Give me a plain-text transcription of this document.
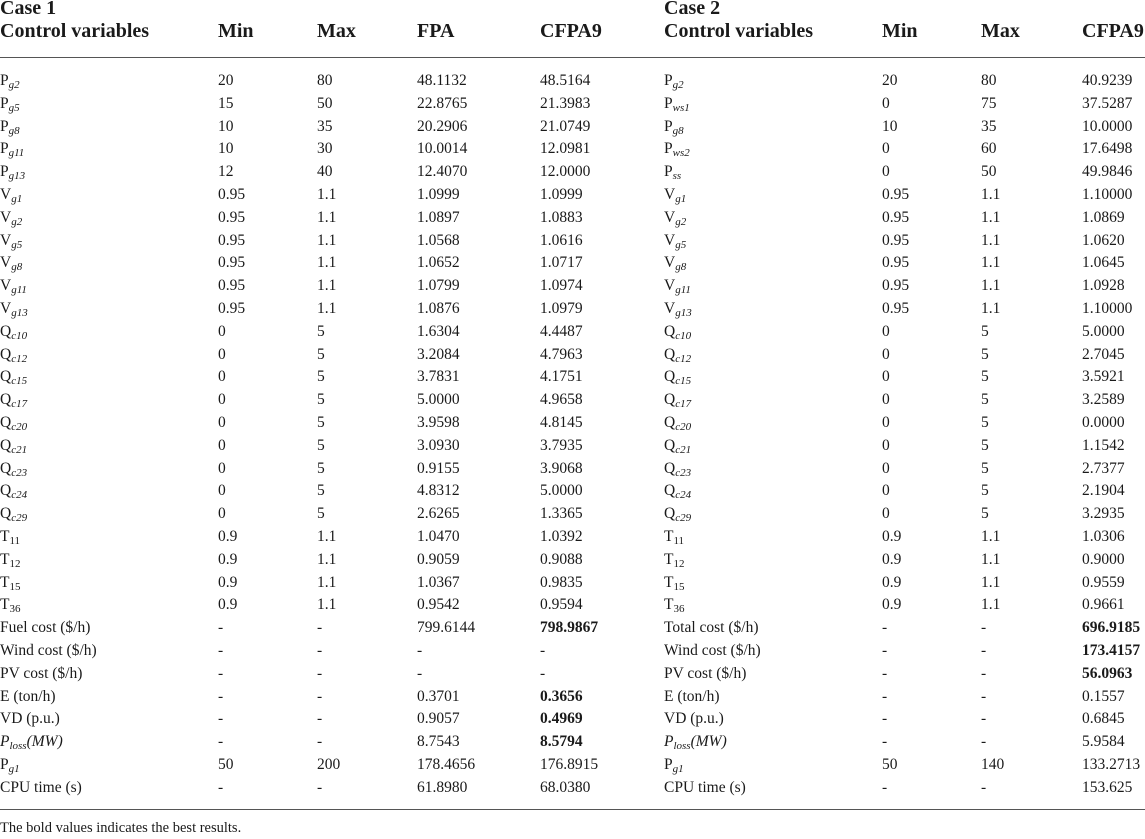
Case 1	Case 2
Control variables	Min	Max	FPA	CFPA9	Control variables	Min	Max	CFPA9
$P_{g2}$	20	80	48.1132	48.5164	$P_{g2}$	20	80	40.9239
$P_{g5}$	15	50	22.8765	21.3983	$P_{ws1}$	0	75	37.5287
$P_{g8}$	10	35	20.2906	21.0749	$P_{g8}$	10	35	10.0000
$P_{g11}$	10	30	10.0014	12.0981	$P_{ws2}$	0	60	17.6498
$P_{g13}$	12	40	12.4070	12.0000	$P_{ss}$	0	50	49.9846
$V_{g1}$	0.95	1.1	1.0999	1.0999	$V_{g1}$	0.95	1.1	1.10000
$V_{g2}$	0.95	1.1	1.0897	1.0883	$V_{g2}$	0.95	1.1	1.0869
$V_{g5}$	0.95	1.1	1.0568	1.0616	$V_{g5}$	0.95	1.1	1.0620
$V_{g8}$	0.95	1.1	1.0652	1.0717	$V_{g8}$	0.95	1.1	1.0645
$V_{g11}$	0.95	1.1	1.0799	1.0974	$V_{g11}$	0.95	1.1	1.0928
$V_{g13}$	0.95	1.1	1.0876	1.0979	$V_{g13}$	0.95	1.1	1.10000
$Q_{c10}$	0	5	1.6304	4.4487	$Q_{c10}$	0	5	5.0000
$Q_{c12}$	0	5	3.2084	4.7963	$Q_{c12}$	0	5	2.7045
$Q_{c15}$	0	5	3.7831	4.1751	$Q_{c15}$	0	5	3.5921
$Q_{c17}$	0	5	5.0000	4.9658	$Q_{c17}$	0	5	3.2589
$Q_{c20}$	0	5	3.9598	4.8145	$Q_{c20}$	0	5	0.0000
$Q_{c21}$	0	5	3.0930	3.7935	$Q_{c21}$	0	5	1.1542
$Q_{c23}$	0	5	0.9155	3.9068	$Q_{c23}$	0	5	2.7377
$Q_{c24}$	0	5	4.8312	5.0000	$Q_{c24}$	0	5	2.1904
$Q_{c29}$	0	5	2.6265	1.3365	$Q_{c29}$	0	5	3.2935
$T_{11}$	0.9	1.1	1.0470	1.0392	$T_{11}$	0.9	1.1	1.0306
$T_{12}$	0.9	1.1	0.9059	0.9088	$T_{12}$	0.9	1.1	0.9000
$T_{15}$	0.9	1.1	1.0367	0.9835	$T_{15}$	0.9	1.1	0.9559
$T_{36}$	0.9	1.1	0.9542	0.9594	$T_{36}$	0.9	1.1	0.9661
Fuel cost ($/h)	-	-	799.6144	798.9867	Total cost ($/h)	-	-	696.9185
Wind cost ($/h)	-	-	-	-	Wind cost ($/h)	-	-	173.4157
PV cost ($/h)	-	-	-	-	PV cost ($/h)	-	-	56.0963
E (ton/h)	-	-	0.3701	0.3656	E (ton/h)	-	-	0.1557
VD (p.u.)	-	-	0.9057	0.4969	VD (p.u.)	-	-	0.6845
$P_{loss}(MW)$	-	-	8.7543	8.5794	$P_{loss}(MW)$	-	-	5.9584
$P_{g1}$	50	200	178.4656	176.8915	$P_{g1}$	50	140	133.2713
CPU time (s)	-	-	61.8980	68.0380	CPU time (s)	-	-	153.625
The bold values indicates the best results.
